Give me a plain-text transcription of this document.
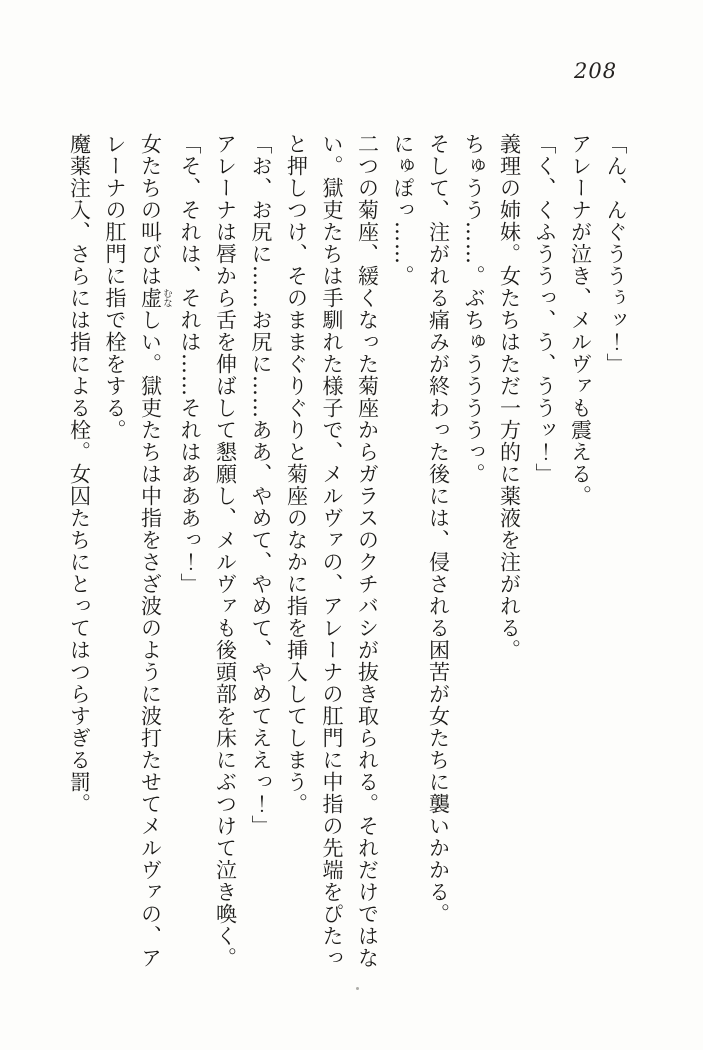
208

「ん、んぐううぅッ！」

アレーナが泣き、メルヴァも震える。

「く、くふううっ、う、ううッ！」

義理の姉妹。女たちはただ一方的に薬液を注がれる。

ちゅうう……。ぶちゅううううっ。

そして、注がれる痛みが終わった後には、侵される困苦が女たちに襲いかかる。

にゅぽっ……。

二つの菊座、緩くなった菊座からガラスのクチバシが抜き取られる。それだけではない。獄吏たちは手馴れた様子で、メルヴァの、アレーナの肛門に中指の先端をぴたっと押しつけ、そのままぐりぐりと菊座のなかに指を挿入してしまう。

「お、お尻に……お尻に……ああ、やめて、やめて、やめてええっ！」

アレーナは唇から舌を伸ばして懇願し、メルヴァも後頭部を床にぶつけて泣き喚く。

「そ、それは、それは……それはあああっ！」

女たちの叫びは虚むなしい。獄吏たちは中指をさざ波のように波打たせてメルヴァの、アレーナの肛門に指で栓をする。

魔薬注入、さらには指による栓。女囚たちにとってはつらすぎる罰。
